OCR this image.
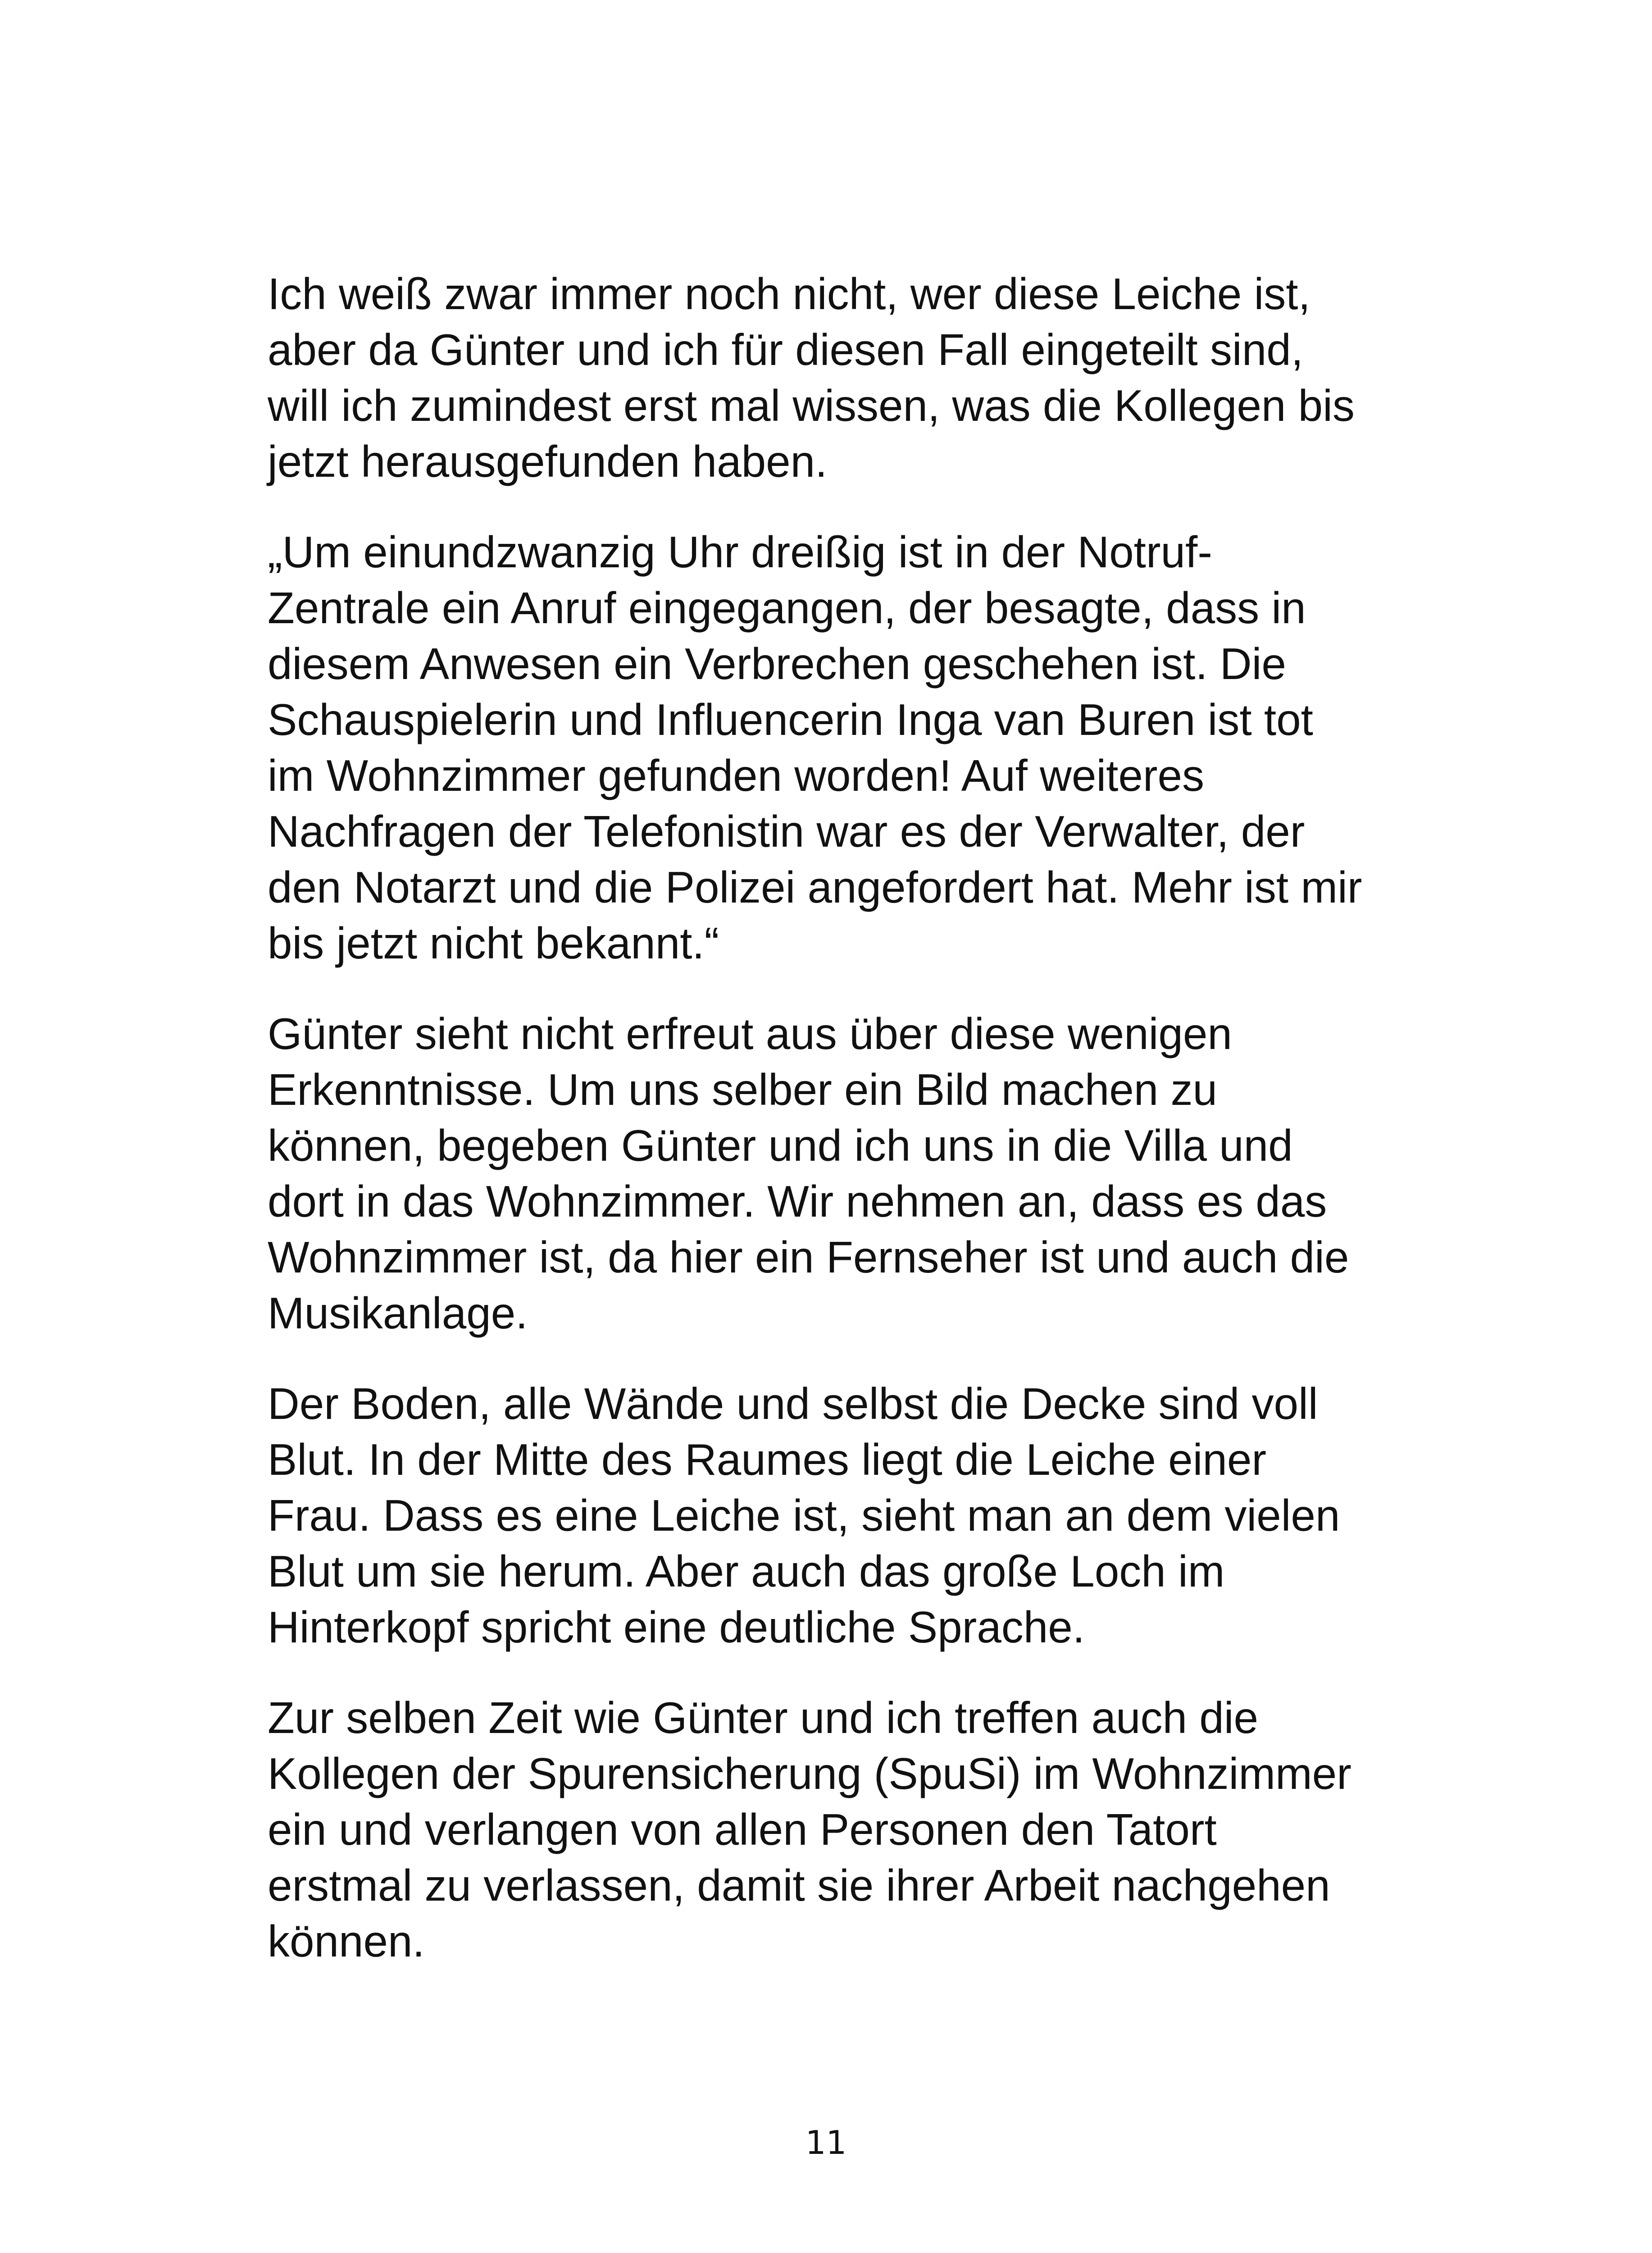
Ich weiß zwar immer noch nicht, wer diese Leiche ist,
aber da Günter und ich für diesen Fall eingeteilt sind,
will ich zumindest erst mal wissen, was die Kollegen bis
jetzt herausgefunden haben.

„Um einundzwanzig Uhr dreißig ist in der Notruf-
Zentrale ein Anruf eingegangen, der besagte, dass in
diesem Anwesen ein Verbrechen geschehen ist. Die
Schauspielerin und Influencerin Inga van Buren ist tot
im Wohnzimmer gefunden worden! Auf weiteres
Nachfragen der Telefonistin war es der Verwalter, der
den Notarzt und die Polizei angefordert hat. Mehr ist mir
bis jetzt nicht bekannt.“

Günter sieht nicht erfreut aus über diese wenigen
Erkenntnisse. Um uns selber ein Bild machen zu
können, begeben Günter und ich uns in die Villa und
dort in das Wohnzimmer. Wir nehmen an, dass es das
Wohnzimmer ist, da hier ein Fernseher ist und auch die
Musikanlage.

Der Boden, alle Wände und selbst die Decke sind voll
Blut. In der Mitte des Raumes liegt die Leiche einer
Frau. Dass es eine Leiche ist, sieht man an dem vielen
Blut um sie herum. Aber auch das große Loch im
Hinterkopf spricht eine deutliche Sprache.

Zur selben Zeit wie Günter und ich treffen auch die
Kollegen der Spurensicherung (SpuSi) im Wohnzimmer
ein und verlangen von allen Personen den Tatort
erstmal zu verlassen, damit sie ihrer Arbeit nachgehen
können.

11
